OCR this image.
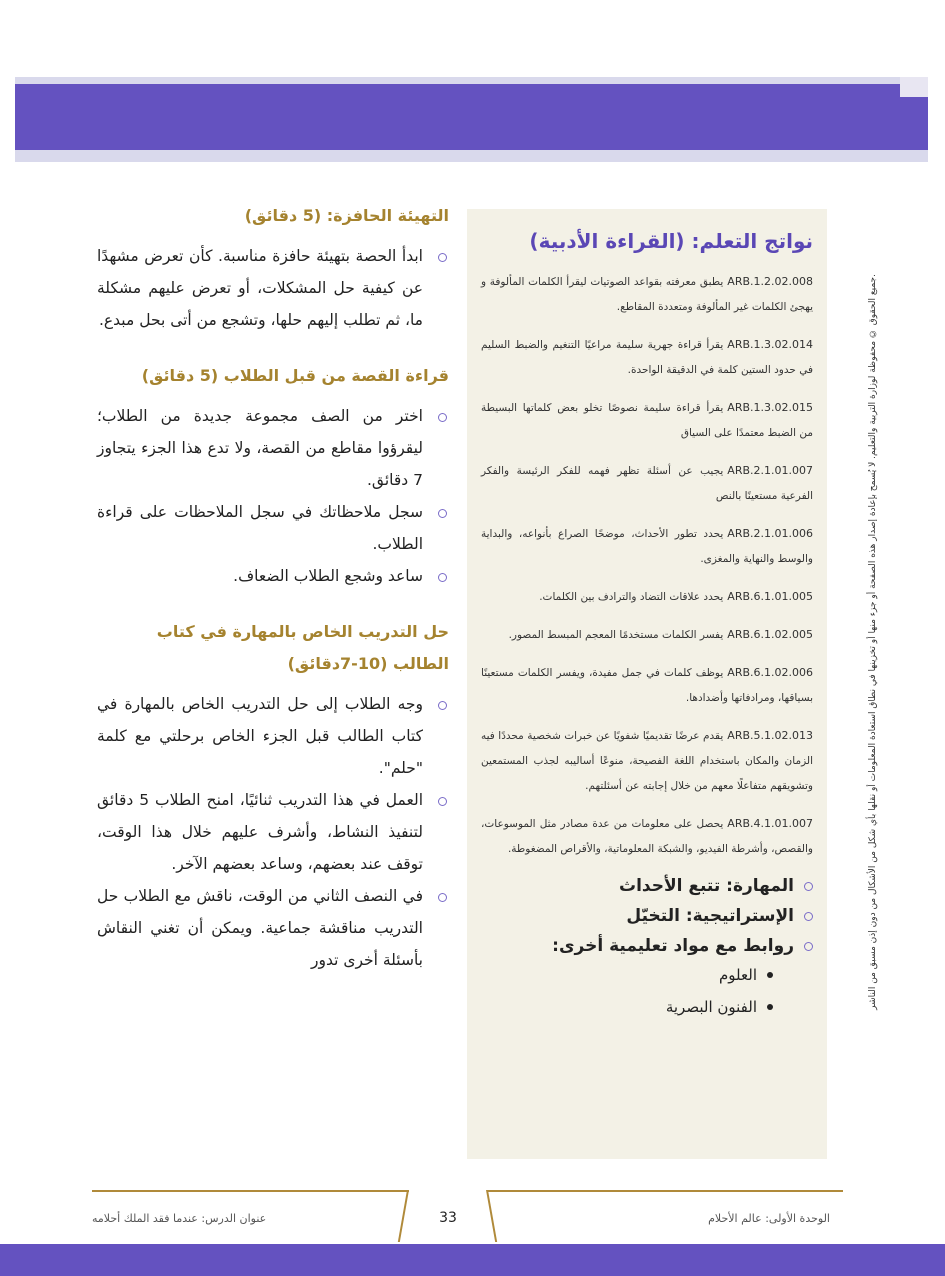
جميع الحقوق © محفوظة لوزارة التربية والتعليم. لا يُسمح بإعادة إصدار هذه الصفحة أو جزء منها أو تخزينها في نطاق استعادة المعلومات أو نقلها بأي شكل من الأشكال من دون إذن مسبق من الناشر.
نواتج التعلم: (القراءة الأدبية)

ARB.1.2.02.008يطبق معرفته بقواعد الصوتيات ليقرأ الكلمات المألوفة و يهجئ الكلمات غير المألوفة ومتعددة المقاطع.

ARB.1.3.02.014يقرأ قراءة جهرية سليمة مراعيًا التنغيم والضبط السليم في حدود الستين كلمة في الدقيقة الواحدة.

ARB.1.3.02.015يقرأ قراءة سليمة نصوصًا تخلو بعض كلماتها البسيطة من الضبط معتمدًا على السياق

ARB.2.1.01.007يجيب عن أسئلة تظهر فهمه للفكر الرئيسة والفكر الفرعية مستعينًا بالنص

ARB.2.1.01.006يحدد تطور الأحداث، موضحًا الصراع بأنواعه، والبداية والوسط والنهاية والمغزى.

ARB.6.1.01.005يحدد علاقات التضاد والترادف بين الكلمات.

ARB.6.1.02.005يفسر الكلمات مستخدمًا المعجم المبسط المصور.

ARB.6.1.02.006يوظف كلمات في جمل مفيدة، ويفسر الكلمات مستعينًا بسياقها، ومرادفاتها وأضدادها.

ARB.5.1.02.013يقدم عرضًا تقديميًا شفويًا عن خبرات شخصية محددًا فيه الزمان والمكان باستخدام اللغة الفصيحة، منوعًا أساليبه لجذب المستمعين وتشويقهم متفاعلًا معهم من خلال إجابته عن أسئلتهم.

ARB.4.1.01.007يحصل على معلومات من عدة مصادر مثل الموسوعات، والقصص، وأشرطة الفيديو، والشبكة المعلوماتية، والأقراص المضغوطة.

المهارة: تتبع الأحداث
الإستراتيجية: التخيّل
روابط مع مواد تعليمية أخرى:
العلوم
الفنون البصرية
التهيئة الحافزة: (5 دقائق)
ابدأ الحصة بتهيئة حافزة مناسبة. كأن تعرض مشهدًا عن كيفية حل المشكلات، أو تعرض عليهم مشكلة ما، ثم تطلب إليهم حلها، وتشجع من أتى بحل مبدع.
قراءة القصة من قبل الطلاب (5 دقائق)
اختر من الصف مجموعة جديدة من الطلاب؛ ليقرؤوا مقاطع من القصة، ولا تدع هذا الجزء يتجاوز 7 دقائق.
سجل ملاحظاتك في سجل الملاحظات على قراءة الطلاب.
ساعد وشجع الطلاب الضعاف.
حل التدريب الخاص بالمهارة في كتاب الطالب (10-7دقائق)
وجه الطلاب إلى حل التدريب الخاص بالمهارة في كتاب الطالب قبل الجزء الخاص برحلتي مع كلمة "حلم".
العمل في هذا التدريب ثنائيًا، امنح الطلاب 5 دقائق لتنفيذ النشاط، وأشرف عليهم خلال هذا الوقت، توقف عند بعضهم، وساعد بعضهم الآخر.
في النصف الثاني من الوقت، ناقش مع الطلاب حل التدريب مناقشة جماعية. ويمكن أن تغني النقاش بأسئلة أخرى تدور
33	الوحدة الأولى: عالم الأحلام
عنوان الدرس: عندما فقد الملك أحلامه
